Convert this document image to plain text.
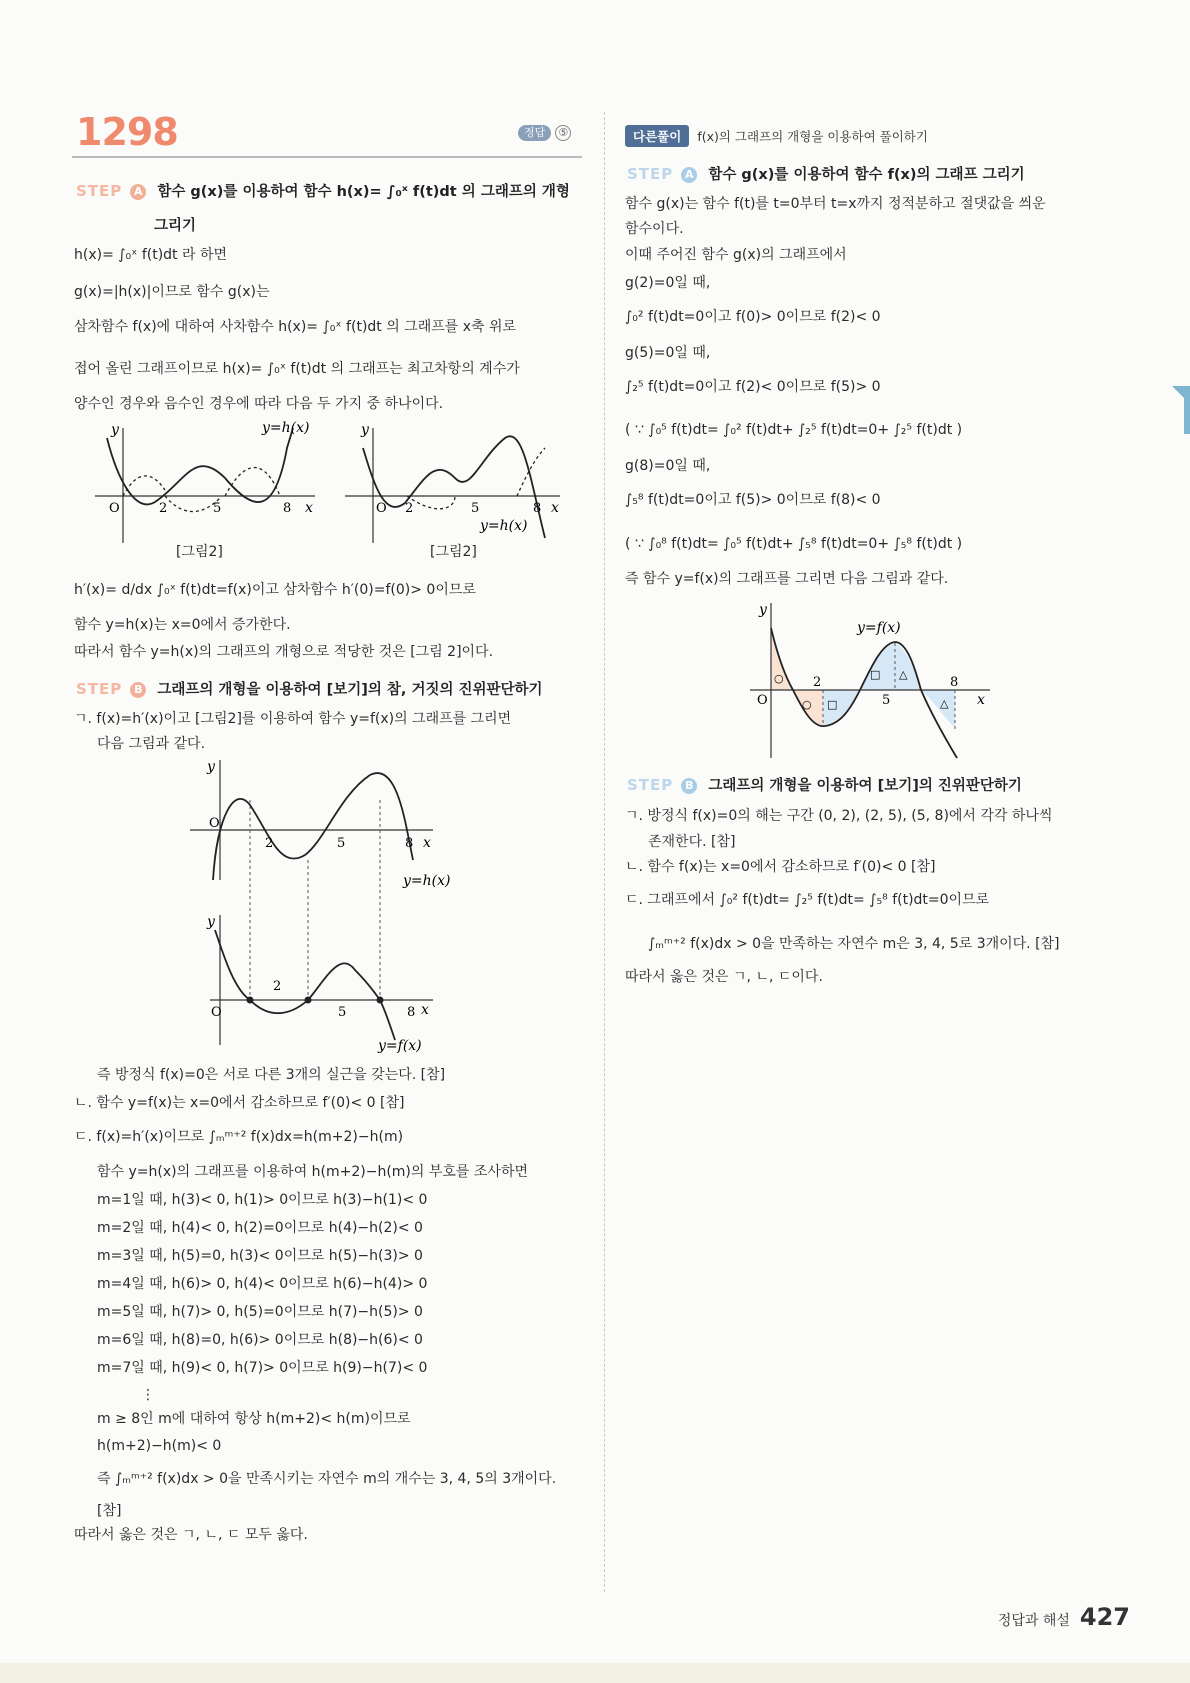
1298	정답 ⑤
STEP A 함수 g(x)를 이용하여 함수 h(x)= ∫₀ˣ f(t)dt 의 그래프의 개형
그리기
h(x)= ∫₀ˣ f(t)dt 라 하면
g(x)=|h(x)|이므로 함수 g(x)는
삼차함수 f(x)에 대하여 사차함수 h(x)= ∫₀ˣ f(t)dt 의 그래프를 x축 위로
접어 올린 그래프이므로 h(x)= ∫₀ˣ f(t)dt 의 그래프는 최고차항의 계수가
양수인 경우와 음수인 경우에 따라 다음 두 가지 중 하나이다.
y
O	2	5	8 x
y=h(x)
[그림2]
y
O 2	5	8 x
y=h(x)
[그림2]
h′(x)= d/dx ∫₀ˣ f(t)dt=f(x)이고 삼차함수 h′(0)=f(0)> 0이므로
함수 y=h(x)는 x=0에서 증가한다.
따라서 함수 y=h(x)의 그래프의 개형으로 적당한 것은 [그림 2]이다.
STEP B 그래프의 개형을 이용하여 [보기]의 참, 거짓의 진위판단하기
ㄱ. f(x)=h′(x)이고 [그림2]를 이용하여 함수 y=f(x)의 그래프를 그리면
다음 그림과 같다.
y
O
2	5	8 x
y=h(x)
y
O
2
5	8 x
y=f(x)
즉 방정식 f(x)=0은 서로 다른 3개의 실근을 갖는다. [참]
ㄴ. 함수 y=f(x)는 x=0에서 감소하므로 f′(0)< 0 [참]
ㄷ. f(x)=h′(x)이므로 ∫ₘᵐ⁺² f(x)dx=h(m+2)−h(m)
함수 y=h(x)의 그래프를 이용하여 h(m+2)−h(m)의 부호를 조사하면
m=1일 때, h(3)< 0, h(1)> 0이므로 h(3)−h(1)< 0
m=2일 때, h(4)< 0, h(2)=0이므로 h(4)−h(2)< 0
m=3일 때, h(5)=0, h(3)< 0이므로 h(5)−h(3)> 0
m=4일 때, h(6)> 0, h(4)< 0이므로 h(6)−h(4)> 0
m=5일 때, h(7)> 0, h(5)=0이므로 h(7)−h(5)> 0
m=6일 때, h(8)=0, h(6)> 0이므로 h(8)−h(6)< 0
m=7일 때, h(9)< 0, h(7)> 0이므로 h(9)−h(7)< 0
⋮
m ≥ 8인 m에 대하여 항상 h(m+2)< h(m)이므로
h(m+2)−h(m)< 0
즉 ∫ₘᵐ⁺² f(x)dx > 0을 만족시키는 자연수 m의 개수는 3, 4, 5의 3개이다.
[참]
따라서 옳은 것은 ㄱ, ㄴ, ㄷ 모두 옳다.
다른풀이 f(x)의 그래프의 개형을 이용하여 풀이하기
STEP A 함수 g(x)를 이용하여 함수 f(x)의 그래프 그리기
함수 g(x)는 함수 f(t)를 t=0부터 t=x까지 정적분하고 절댓값을 씌운
함수이다.
이때 주어진 함수 g(x)의 그래프에서
g(2)=0일 때,
∫₀² f(t)dt=0이고 f(0)> 0이므로 f(2)< 0
g(5)=0일 때,
∫₂⁵ f(t)dt=0이고 f(2)< 0이므로 f(5)> 0
( ∵ ∫₀⁵ f(t)dt= ∫₀² f(t)dt+ ∫₂⁵ f(t)dt=0+ ∫₂⁵ f(t)dt )
g(8)=0일 때,
∫₅⁸ f(t)dt=0이고 f(5)> 0이므로 f(8)< 0
( ∵ ∫₀⁸ f(t)dt= ∫₀⁵ f(t)dt+ ∫₅⁸ f(t)dt=0+ ∫₅⁸ f(t)dt )
즉 함수 y=f(x)의 그래프를 그리면 다음 그림과 같다.
y
O
2
5
8
x
y=f(x)
○
○ □
□ △
△
STEP B 그래프의 개형을 이용하여 [보기]의 진위판단하기
ㄱ. 방정식 f(x)=0의 해는 구간 (0, 2), (2, 5), (5, 8)에서 각각 하나씩
존재한다. [참]
ㄴ. 함수 f(x)는 x=0에서 감소하므로 f′(0)< 0 [참]
ㄷ. 그래프에서 ∫₀² f(t)dt= ∫₂⁵ f(t)dt= ∫₅⁸ f(t)dt=0이므로
∫ₘᵐ⁺² f(x)dx > 0을 만족하는 자연수 m은 3, 4, 5로 3개이다. [참]
따라서 옳은 것은 ㄱ, ㄴ, ㄷ이다.
정답과 해설 427
